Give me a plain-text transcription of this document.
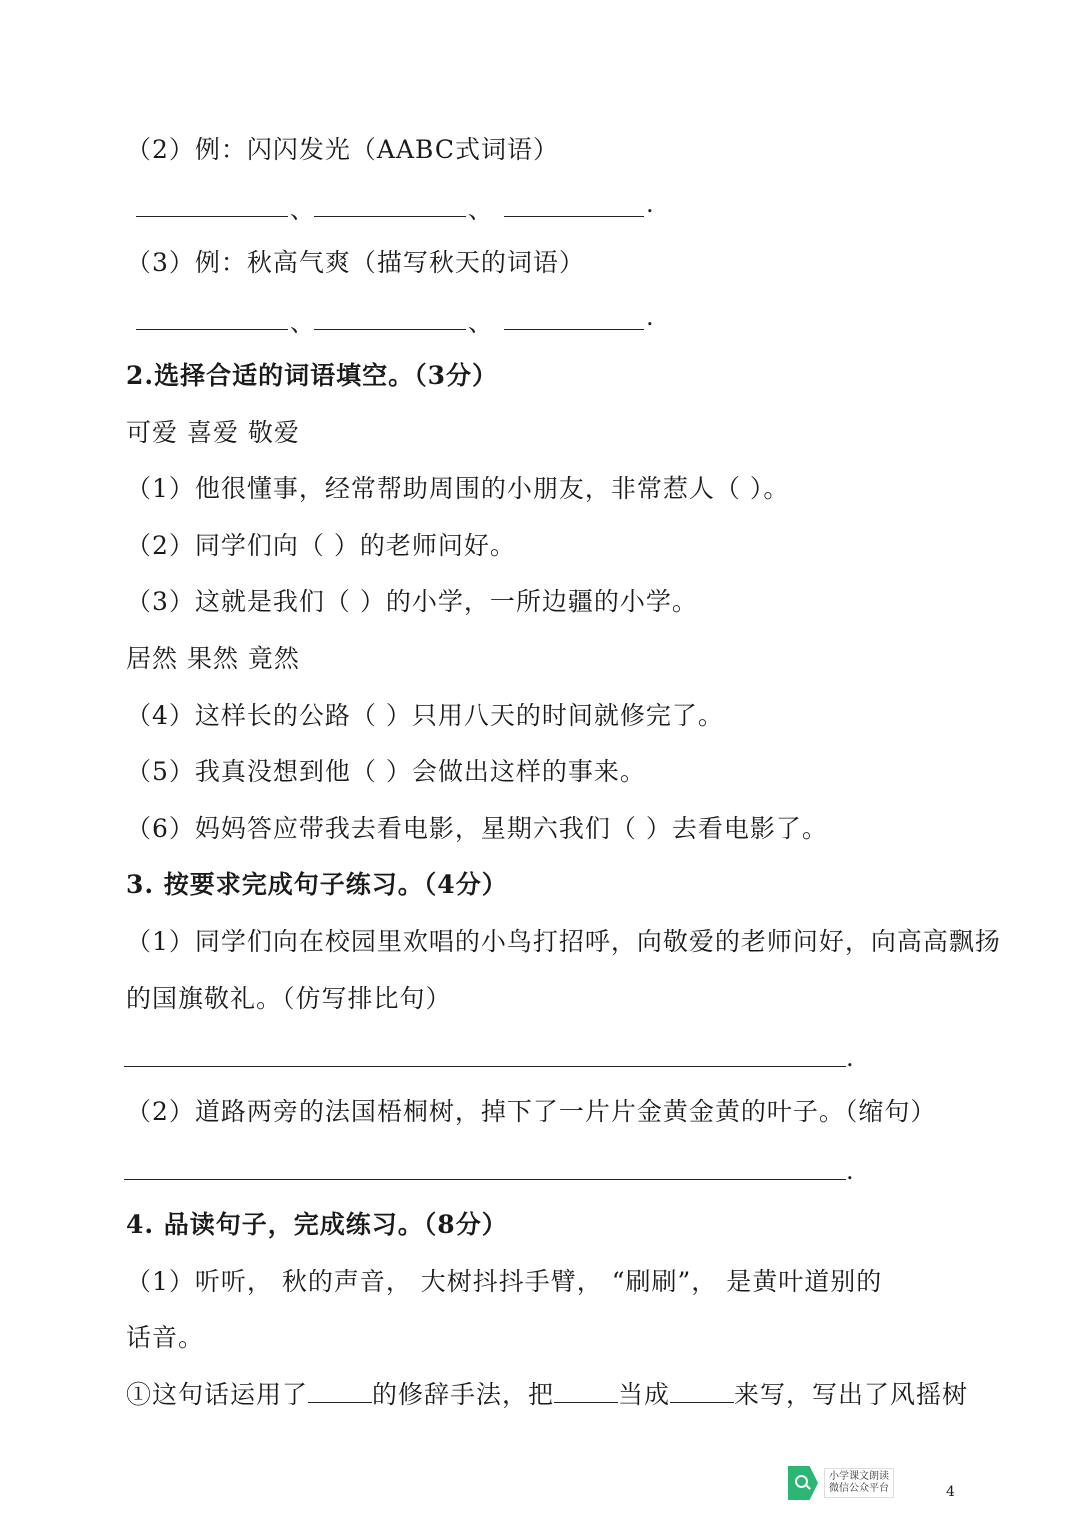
（2）例：闪闪发光（AABC式词语）
、	、	.
（3）例：秋高气爽（描写秋天的词语）
、	、	.
2.选择合适的词语填空。（3分）
可爱 喜爱 敬爱
（1）他很懂事，经常帮助周围的小朋友，非常惹人（ ）。
（2）同学们向（ ）的老师问好。
（3）这就是我们（ ）的小学，一所边疆的小学。
居然 果然 竟然
（4）这样长的公路（ ）只用八天的时间就修完了。
（5）我真没想到他（ ）会做出这样的事来。
（6）妈妈答应带我去看电影，星期六我们（ ）去看电影了。
3. 按要求完成句子练习。（4分）
（1）同学们向在校园里欢唱的小鸟打招呼，向敬爱的老师问好，向高高飘扬
的国旗敬礼。（仿写排比句）
.
（2）道路两旁的法国梧桐树，掉下了一片片金黄金黄的叶子。（缩句）
.
4. 品读句子，完成练习。（8分）
（1）听听， 秋的声音， 大树抖抖手臂， “刷刷”， 是黄叶道别的
话音。
①这句话运用了	的修辞手法，把	当成	来写，写出了风摇树
小学课文朗读
微信公众平台	4
